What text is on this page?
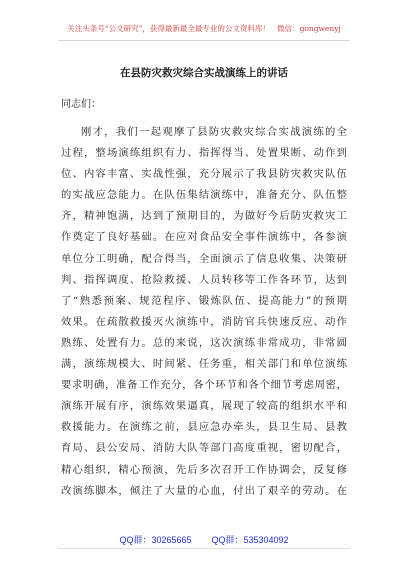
关注头条号“公文研究”，获得最新最全最专业的公文资料库！ 微信：gongwenyj
在县防灾救灾综合实战演练上的讲话
同志们：
刚才，我们一起观摩了县防灾救灾综合实战演练的全
过程，整场演练组织有力、指挥得当、处置果断、动作到
位、内容丰富、实战性强，充分展示了我县防灾救灾队伍
的实战应急能力。在队伍集结演练中，准备充分、队伍整
齐，精神饱满，达到了预期目的，为做好今后防灾救灾工
作奠定了良好基础。在应对食品安全事件演练中，各参演
单位分工明确，配合得当，全面演示了信息收集、决策研
判、指挥调度、抢险救援、人员转移等工作各环节，达到
了“熟悉预案、规范程序、锻炼队伍、提高能力”的预期
效果。在疏散救援灭火演练中，消防官兵快速反应、动作
熟练、处置有力。总的来说，这次演练非常成功，非常圆
满，演练规模大、时间紧、任务重，相关部门和单位演练
要求明确，准备工作充分，各个环节和各个细节考虑周密，
演练开展有序，演练效果逼真，展现了较高的组织水平和
救援能力。在演练之前，县应急办牵头，县卫生局、县教
育局、县公安局、消防大队等部门高度重视，密切配合，
精心组织，精心预演，先后多次召开工作协调会，反复修
改演练脚本，倾注了大量的心血，付出了艰辛的劳动。在
QQ群：30265665 QQ群：535304092
